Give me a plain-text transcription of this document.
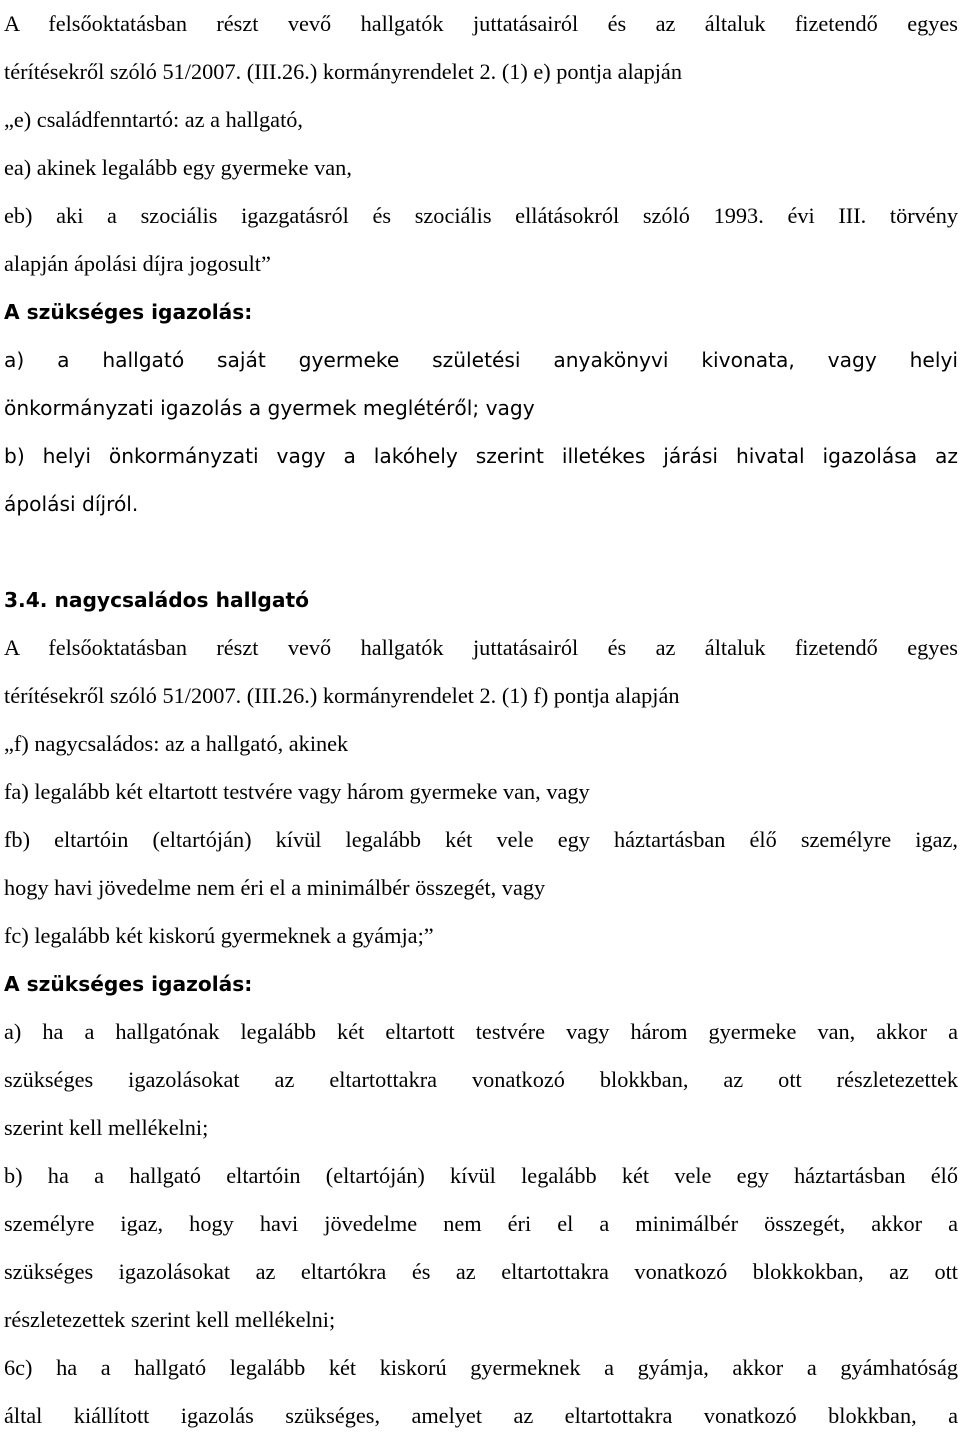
A felsőoktatásban részt vevő hallgatók juttatásairól és az általuk fizetendő egyes
térítésekről szóló 51/2007. (III.26.) kormányrendelet 2. (1) e) pontja alapján
„e) családfenntartó: az a hallgató,
ea) akinek legalább egy gyermeke van,
eb) aki a szociális igazgatásról és szociális ellátásokról szóló 1993. évi III. törvény
alapján ápolási díjra jogosult”
A szükséges igazolás:
a) a hallgató saját gyermeke születési anyakönyvi kivonata, vagy helyi
önkormányzati igazolás a gyermek meglétéről; vagy
b) helyi önkormányzati vagy a lakóhely szerint illetékes járási hivatal igazolása az
ápolási díjról.
3.4. nagycsaládos hallgató
A felsőoktatásban részt vevő hallgatók juttatásairól és az általuk fizetendő egyes
térítésekről szóló 51/2007. (III.26.) kormányrendelet 2. (1) f) pontja alapján
„f) nagycsaládos: az a hallgató, akinek
fa) legalább két eltartott testvére vagy három gyermeke van, vagy
fb) eltartóin (eltartóján) kívül legalább két vele egy háztartásban élő személyre igaz,
hogy havi jövedelme nem éri el a minimálbér összegét, vagy
fc) legalább két kiskorú gyermeknek a gyámja;”
A szükséges igazolás:
a) ha a hallgatónak legalább két eltartott testvére vagy három gyermeke van, akkor a
szükséges igazolásokat az eltartottakra vonatkozó blokkban, az ott részletezettek
szerint kell mellékelni;
b) ha a hallgató eltartóin (eltartóján) kívül legalább két vele egy háztartásban élő
személyre igaz, hogy havi jövedelme nem éri el a minimálbér összegét, akkor a
szükséges igazolásokat az eltartókra és az eltartottakra vonatkozó blokkokban, az ott
részletezettek szerint kell mellékelni;
6c) ha a hallgató legalább két kiskorú gyermeknek a gyámja, akkor a gyámhatóság
által kiállított igazolás szükséges, amelyet az eltartottakra vonatkozó blokkban, a
